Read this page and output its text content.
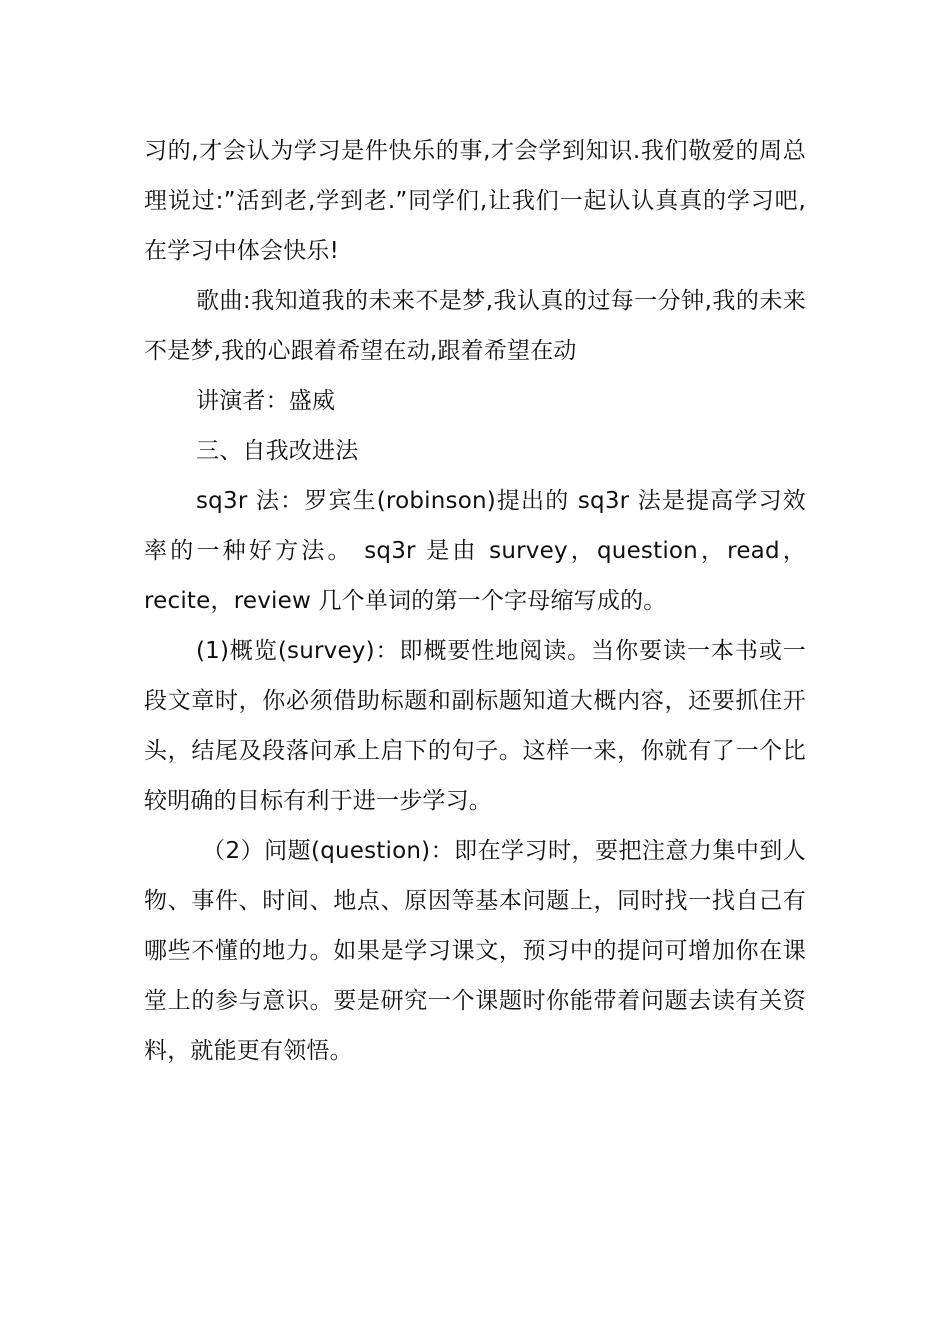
习的,才会认为学习是件快乐的事,才会学到知识.我们敬爱的周总理说过:”活到老,学到老.”同学们,让我们一起认认真真的学习吧,在学习中体会快乐!

歌曲:我知道我的未来不是梦,我认真的过每一分钟,我的未来不是梦,我的心跟着希望在动,跟着希望在动

讲演者：盛威

三、自我改进法

sq3r 法：罗宾生(robinson)提出的 sq3r 法是提高学习效率的一种好方法。 sq3r 是由 survey，question，read，recite，review 几个单词的第一个字母缩写成的。

(1)概览(survey)：即概要性地阅读。当你要读一本书或一段文章时，你必须借助标题和副标题知道大概内容，还要抓住开头，结尾及段落问承上启下的句子。这样一来，你就有了一个比较明确的目标有利于进一步学习。

（2）问题(question)：即在学习时，要把注意力集中到人物、事件、时间、地点、原因等基本问题上，同时找一找自己有哪些不懂的地力。如果是学习课文，预习中的提问可增加你在课堂上的参与意识。要是研究一个课题时你能带着问题去读有关资料，就能更有领悟。
